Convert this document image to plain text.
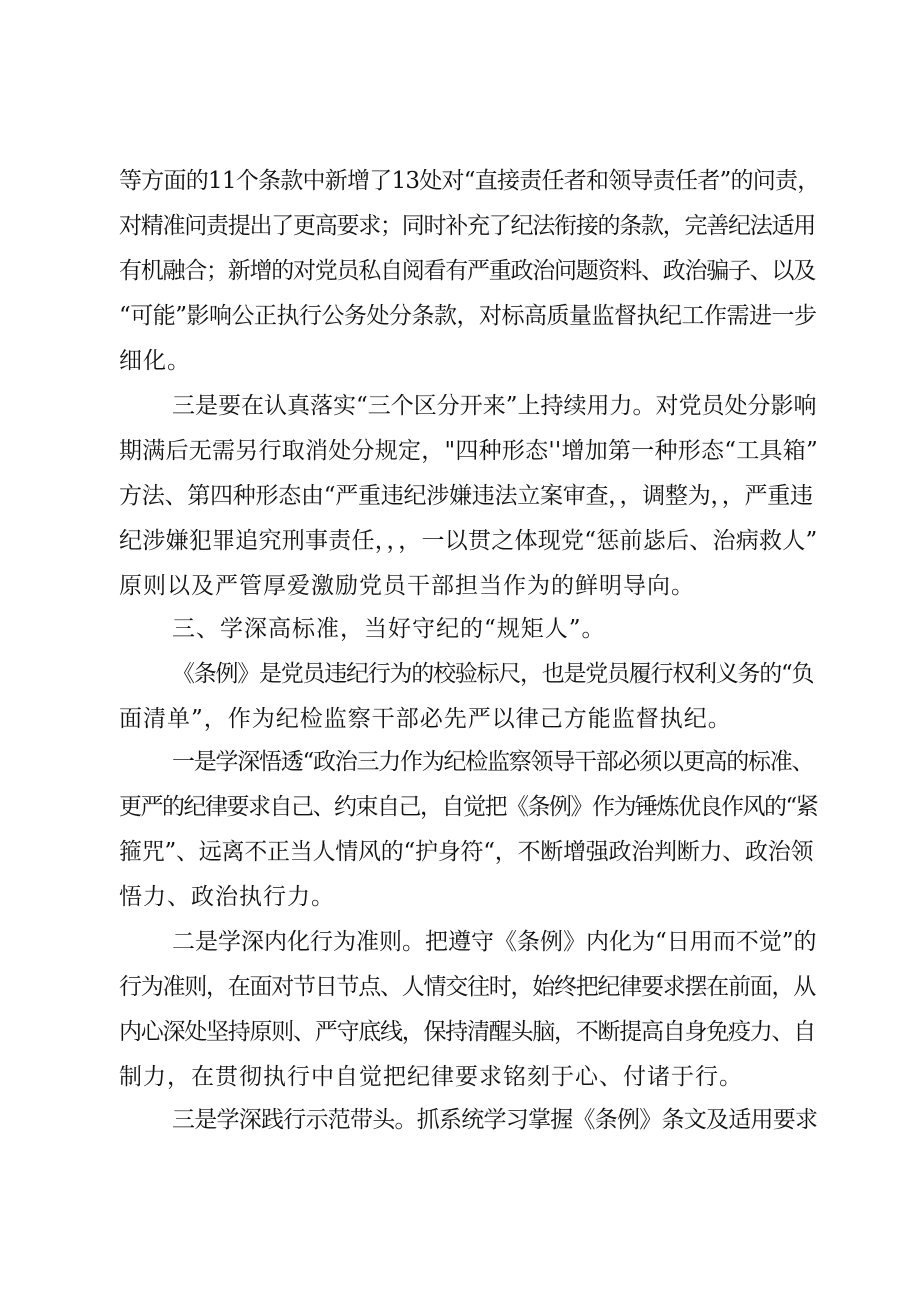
等方面的11个条款中新增了13处对“直接责任者和领导责任者”的问责，
对精准问责提出了更高要求；同时补充了纪法衔接的条款，完善纪法适用
有机融合；新增的对党员私自阅看有严重政治问题资料、政治骗子、以及
“可能”影响公正执行公务处分条款，对标高质量监督执纪工作需进一步
细化。
三是要在认真落实“三个区分开来”上持续用力。对党员处分影响
期满后无需另行取消处分规定，"四种形态''增加第一种形态“工具箱”
方法、第四种形态由“严重违纪涉嫌违法立案审查，，调整为，，严重违
纪涉嫌犯罪追究刑事责任，，，一以贯之体现党“惩前毖后、治病救人”
原则以及严管厚爱激励党员干部担当作为的鲜明导向。
三、学深高标准，当好守纪的“规矩人”。
《条例》是党员违纪行为的校验标尺，也是党员履行权利义务的“负
面清单”，作为纪检监察干部必先严以律己方能监督执纪。
一是学深悟透“政治三力作为纪检监察领导干部必须以更高的标准、
更严的纪律要求自己、约束自己，自觉把《条例》作为锤炼优良作风的“紧
箍咒”、远离不正当人情风的“护身符“，不断增强政治判断力、政治领
悟力、政治执行力。
二是学深内化行为准则。把遵守《条例》内化为“日用而不觉”的
行为准则，在面对节日节点、人情交往时，始终把纪律要求摆在前面，从
内心深处坚持原则、严守底线，保持清醒头脑，不断提高自身免疫力、自
制力，在贯彻执行中自觉把纪律要求铭刻于心、付诸于行。
三是学深践行示范带头。抓系统学习掌握《条例》条文及适用要求
